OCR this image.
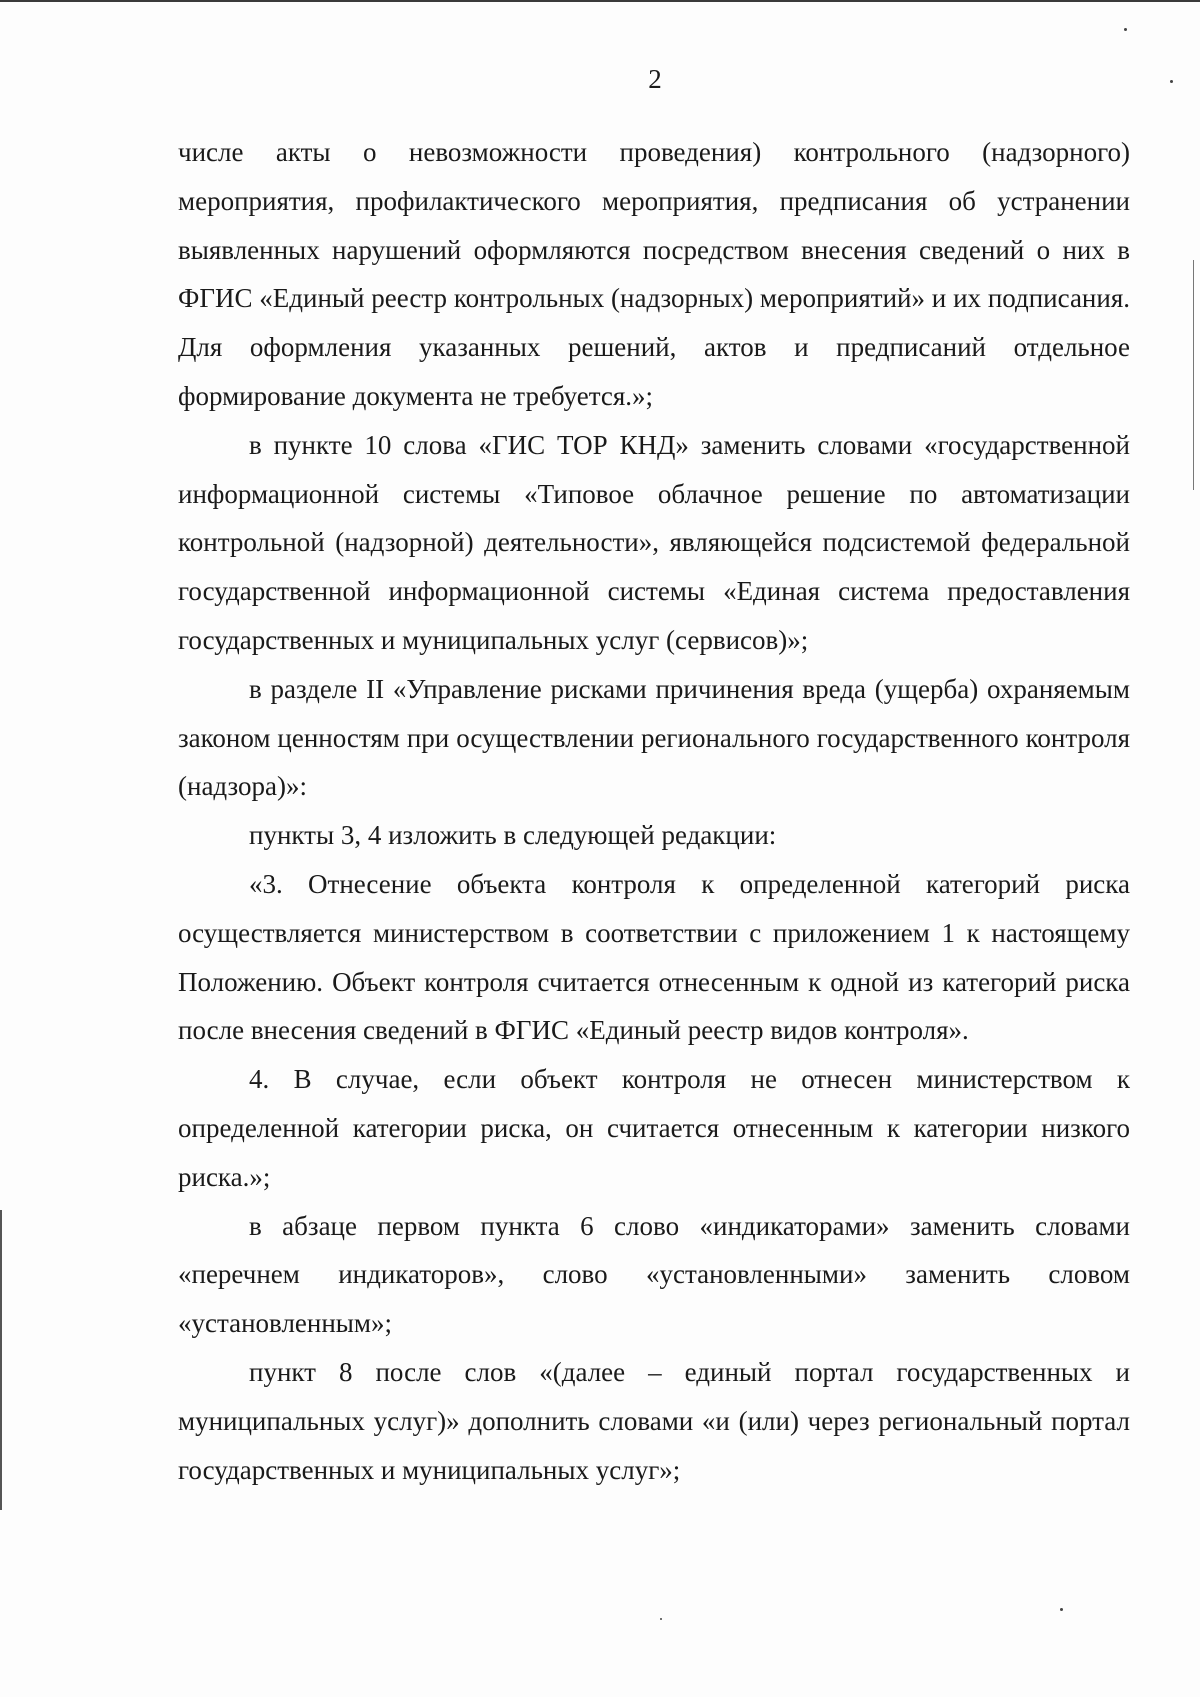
2

числе акты о невозможности проведения) контрольного (надзорного) мероприятия, профилактического мероприятия, предписания об устранении выявленных нарушений оформляются посредством внесения сведений о них в ФГИС «Единый реестр контрольных (надзорных) мероприятий» и их подписания. Для оформления указанных решений, актов и предписаний отдельное формирование документа не требуется.»;

в пункте 10 слова «ГИС ТОР КНД» заменить словами «государственной информационной системы «Типовое облачное решение по автоматизации контрольной (надзорной) деятельности», являющейся подсистемой федеральной государственной информационной системы «Единая система предоставления государственных и муниципальных услуг (сервисов)»;

в разделе II «Управление рисками причинения вреда (ущерба) охраняемым законом ценностям при осуществлении регионального государственного контроля (надзора)»:

пункты 3, 4 изложить в следующей редакции:

«3. Отнесение объекта контроля к определенной категорий риска осуществляется министерством в соответствии с приложением 1 к настоящему Положению. Объект контроля считается отнесенным к одной из категорий риска после внесения сведений в ФГИС «Единый реестр видов контроля».

4. В случае, если объект контроля не отнесен министерством к определенной категории риска, он считается отнесенным к категории низкого риска.»;

в абзаце первом пункта 6 слово «индикаторами» заменить словами «перечнем индикаторов», слово «установленными» заменить словом «установленным»;

пункт 8 после слов «(далее – единый портал государственных и муниципальных услуг)» дополнить словами «и (или) через региональный портал государственных и муниципальных услуг»;
